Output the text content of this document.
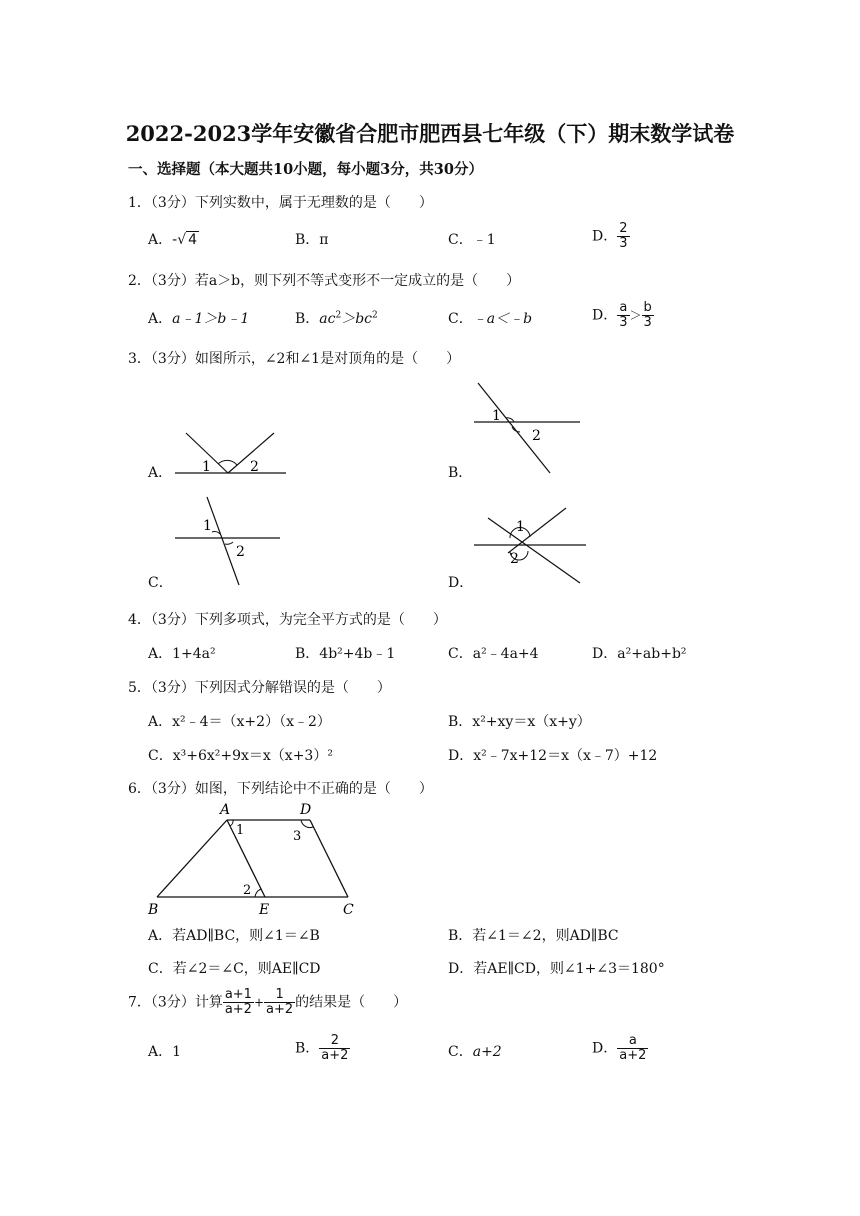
2022-2023学年安徽省合肥市肥西县七年级（下）期末数学试卷
一、选择题（本大题共10小题，每小题3分，共30分）
1．（3分）下列实数中，属于无理数的是（　　）
A．-√ 4	B．π	C．﹣1	D． $\frac{2}{3}$
2．（3分）若a＞b，则下列不等式变形不一定成立的是（　　）
A．a﹣1＞b﹣1	B．$ac^2>bc^2$	C．﹣a＜﹣b	D． $\frac{a}{3} > \frac{b}{3}$
3．（3分）如图所示，∠2和∠1是对顶角的是（　　）
A． 1	2	B．
1
2
C．
1
2
D．
1
2
4．（3分）下列多项式，为完全平方式的是（　　）
A．1+4a²	B．4b²+4b﹣1	C．a²﹣4a+4	D．a²+ab+b²
5．（3分）下列因式分解错误的是（　　）
A．x²﹣4＝（x+2）（x﹣2）	B．x²+xy＝x（x+y）
C．x³+6x²+9x＝x（x+3）²	D．x²﹣7x+12＝x（x﹣7）+12
6．（3分）如图，下列结论中不正确的是（　　）
A	D
B	E	C
1
2
3
A．若AD∥BC，则∠1＝∠B	B．若∠1＝∠2，则AD∥BC
C．若∠2＝∠C，则AE∥CD	D．若AE∥CD，则∠1+∠3＝180°
7．（3分）计算 $\frac{a+1}{a+2} + \frac{1}{a+2}$ 的结果是（　　）
A．1	B． $\frac{2}{a+2}$	C．a+2	D． $\frac{a}{a+2}$
